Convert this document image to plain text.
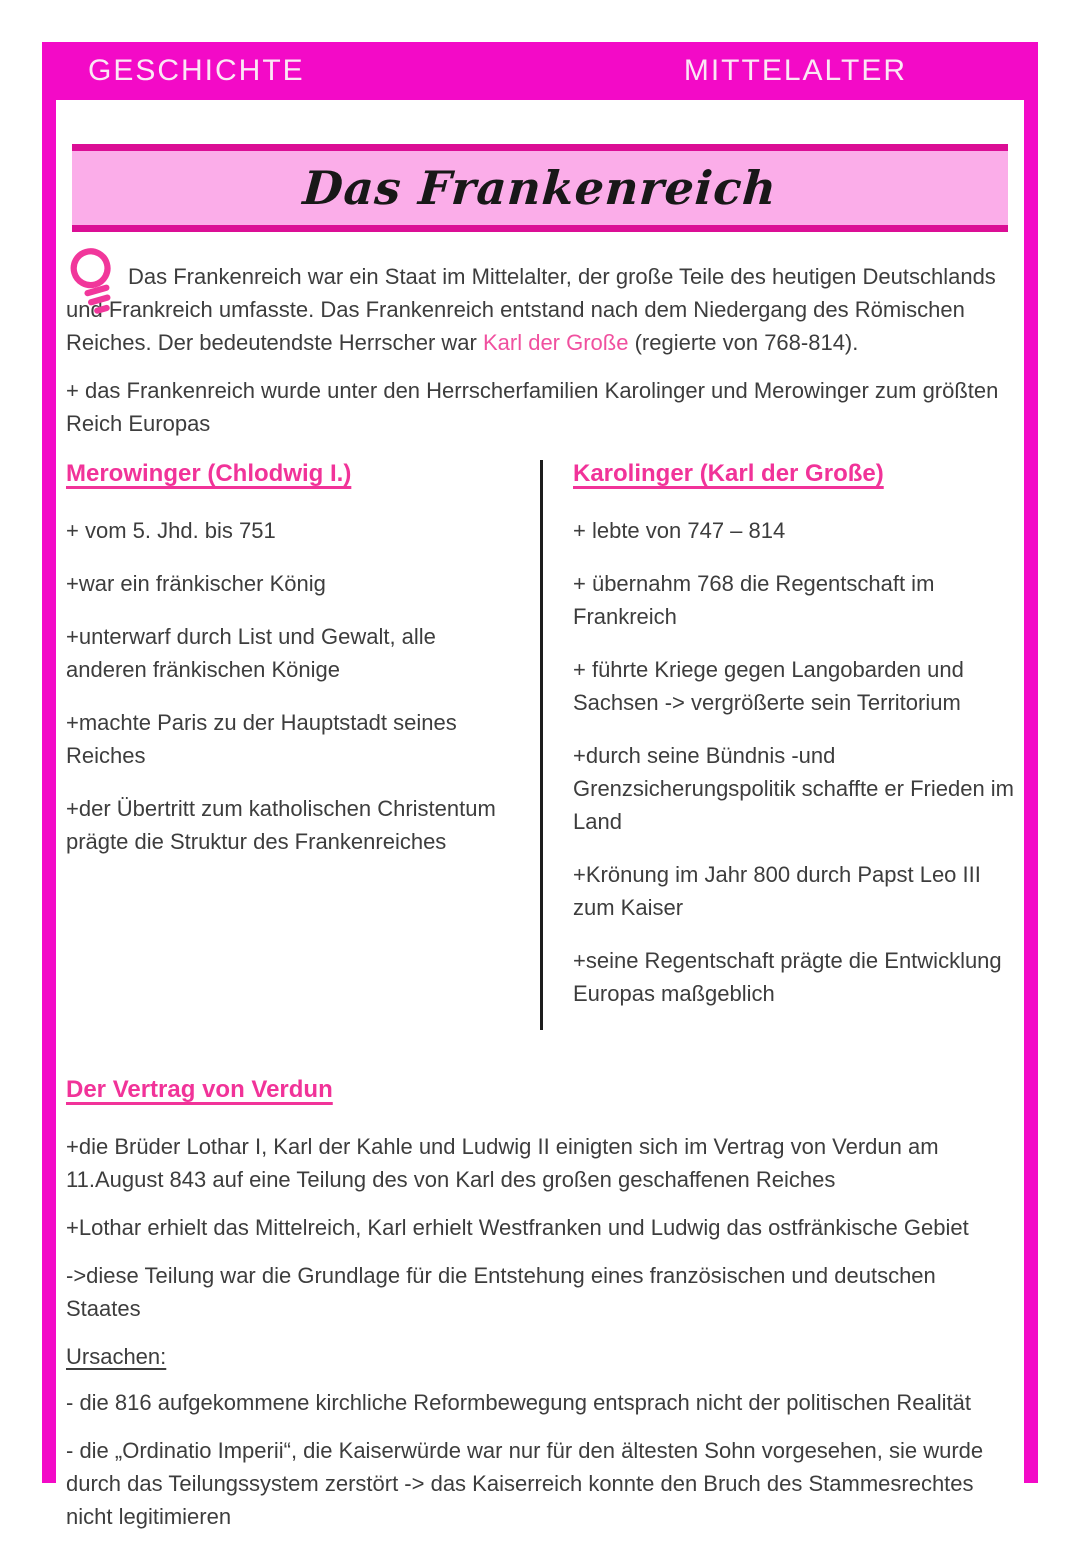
GESCHICHTE	MITTELALTER
Das Frankenreich

Das Frankenreich war ein Staat im Mittelalter, der große Teile des heutigen Deutschlands und Frankreich umfasste. Das Frankenreich entstand nach dem Niedergang des Römischen Reiches. Der bedeutendste Herrscher war Karl der Große (regierte von 768-814).

+ das Frankenreich wurde unter den Herrscherfamilien Karolinger und Merowinger zum größten Reich Europas

Merowinger (Chlodwig I.)

+ vom 5. Jhd. bis 751

+war ein fränkischer König

+unterwarf durch List und Gewalt, alle anderen fränkischen Könige

+machte Paris zu der Hauptstadt seines Reiches

+der Übertritt zum katholischen Christentum prägte die Struktur des Frankenreiches

Karolinger (Karl der Große)

+ lebte von 747 – 814

+ übernahm 768 die Regentschaft im Frankreich

+ führte Kriege gegen Langobarden und Sachsen -> vergrößerte sein Territorium

+durch seine Bündnis -und Grenzsicherungspolitik schaffte er Frieden im Land

+Krönung im Jahr 800 durch Papst Leo III zum Kaiser

+seine Regentschaft prägte die Entwicklung Europas maßgeblich

Der Vertrag von Verdun

+die Brüder Lothar I, Karl der Kahle und Ludwig II einigten sich im Vertrag von Verdun am 11.August 843 auf eine Teilung des von Karl des großen geschaffenen Reiches

+Lothar erhielt das Mittelreich, Karl erhielt Westfranken und Ludwig das ostfränkische Gebiet

->diese Teilung war die Grundlage für die Entstehung eines französischen und deutschen Staates

Ursachen:

- die 816 aufgekommene kirchliche Reformbewegung entsprach nicht der politischen Realität

- die „Ordinatio Imperii“, die Kaiserwürde war nur für den ältesten Sohn vorgesehen, sie wurde durch das Teilungssystem zerstört -> das Kaiserreich konnte den Bruch des Stammesrechtes nicht legitimieren
